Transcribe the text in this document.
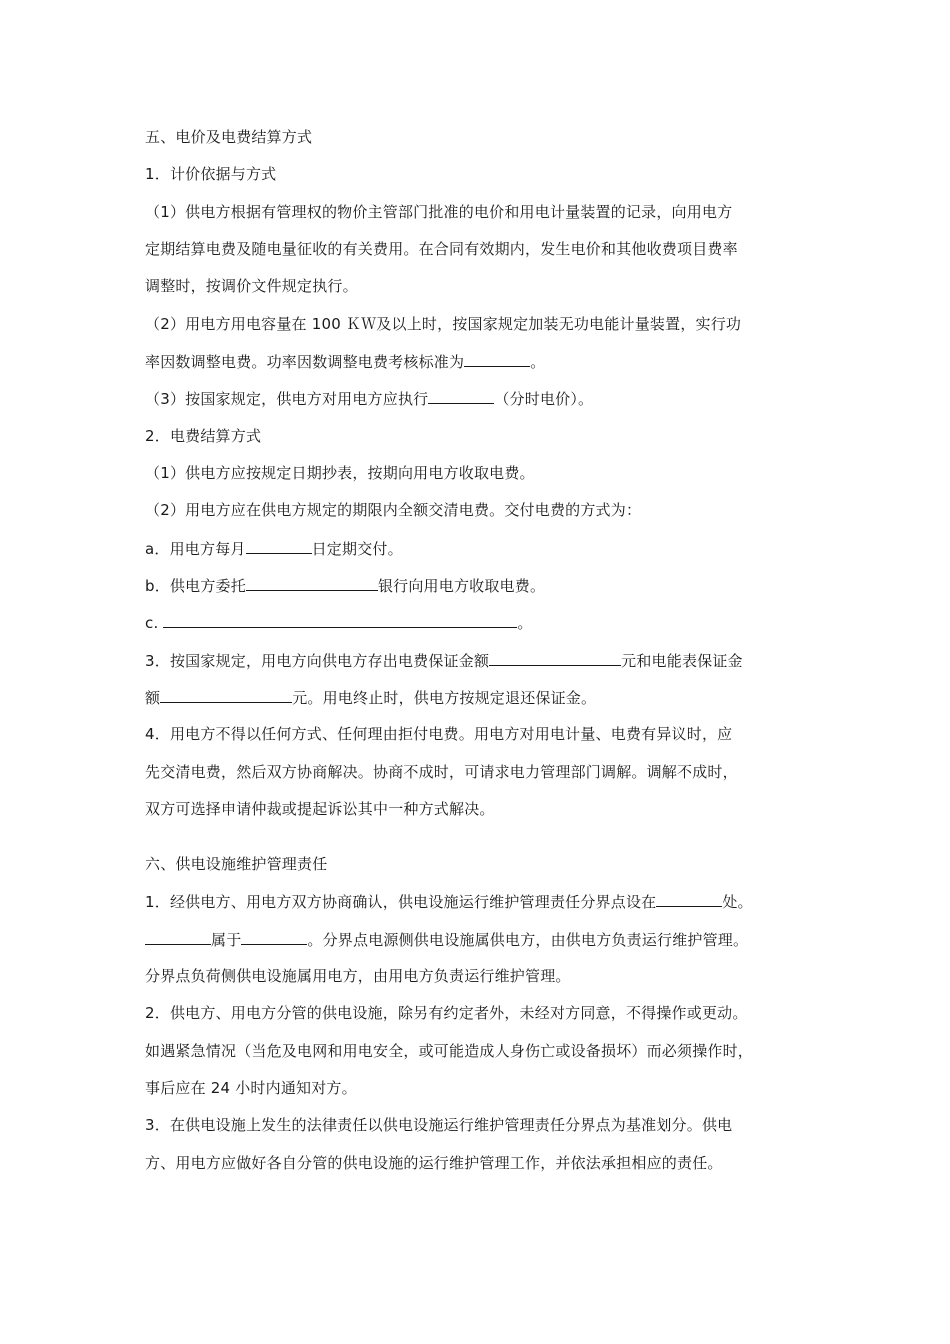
五、电价及电费结算方式
1．计价依据与方式
（1）供电方根据有管理权的物价主管部门批准的电价和用电计量装置的记录，向用电方
定期结算电费及随电量征收的有关费用。在合同有效期内，发生电价和其他收费项目费率
调整时，按调价文件规定执行。
（2）用电方用电容量在 100 ＫＷ及以上时，按国家规定加装无功电能计量装置，实行功
率因数调整电费。功率因数调整电费考核标准为	。
（3）按国家规定，供电方对用电方应执行	（分时电价）。
2．电费结算方式
（1）供电方应按规定日期抄表，按期向用电方收取电费。
（2）用电方应在供电方规定的期限内全额交清电费。交付电费的方式为：
a．用电方每月	日定期交付。
b．供电方委托	银行向用电方收取电费。
c.	。
3．按国家规定，用电方向供电方存出电费保证金额	元和电能表保证金
额	元。用电终止时，供电方按规定退还保证金。
4．用电方不得以任何方式、任何理由拒付电费。用电方对用电计量、电费有异议时，应
先交清电费，然后双方协商解决。协商不成时，可请求电力管理部门调解。调解不成时，
双方可选择申请仲裁或提起诉讼其中一种方式解决。
六、供电设施维护管理责任
1．经供电方、用电方双方协商确认，供电设施运行维护管理责任分界点设在	处。
属于	。分界点电源侧供电设施属供电方，由供电方负责运行维护管理。
分界点负荷侧供电设施属用电方，由用电方负责运行维护管理。
2．供电方、用电方分管的供电设施，除另有约定者外，未经对方同意，不得操作或更动。
如遇紧急情况（当危及电网和用电安全，或可能造成人身伤亡或设备损坏）而必须操作时，
事后应在 24 小时内通知对方。
3．在供电设施上发生的法律责任以供电设施运行维护管理责任分界点为基准划分。供电
方、用电方应做好各自分管的供电设施的运行维护管理工作，并依法承担相应的责任。
